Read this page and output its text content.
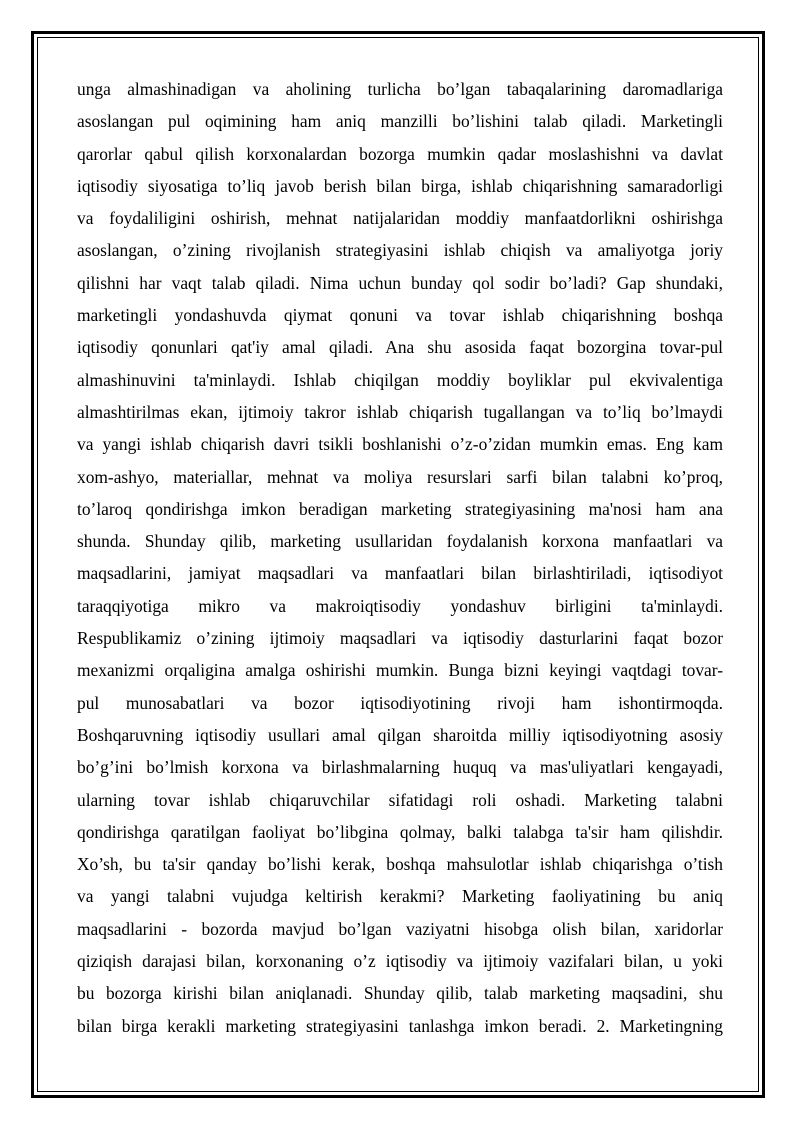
unga almashinadigan va aholining turlicha bo’lgan tabaqalarining daromadlariga
asoslangan pul oqimining ham aniq manzilli bo’lishini talab qiladi. Marketingli
qarorlar qabul qilish korxonalardan bozorga mumkin qadar moslashishni va davlat
iqtisodiy siyosatiga to’liq javob berish bilan birga, ishlab chiqarishning samaradorligi
va foydaliligini oshirish, mehnat natijalaridan moddiy manfaatdorlikni oshirishga
asoslangan, o’zining rivojlanish strategiyasini ishlab chiqish va amaliyotga joriy
qilishni har vaqt talab qiladi. Nima uchun bunday qol sodir bo’ladi? Gap shundaki,
marketingli yondashuvda qiymat qonuni va tovar ishlab chiqarishning boshqa
iqtisodiy qonunlari qat'iy amal qiladi. Ana shu asosida faqat bozorgina tovar-pul
almashinuvini ta'minlaydi. Ishlab chiqilgan moddiy boyliklar pul ekvivalentiga
almashtirilmas ekan, ijtimoiy takror ishlab chiqarish tugallangan va to’liq bo’lmaydi
va yangi ishlab chiqarish davri tsikli boshlanishi o’z-o’zidan mumkin emas. Eng kam
xom-ashyo, materiallar, mehnat va moliya resurslari sarfi bilan talabni ko’proq,
to’laroq qondirishga imkon beradigan marketing strategiyasining ma'nosi ham ana
shunda. Shunday qilib, marketing usullaridan foydalanish korxona manfaatlari va
maqsadlarini, jamiyat maqsadlari va manfaatlari bilan birlashtiriladi, iqtisodiyot
taraqqiyotiga mikro va makroiqtisodiy yondashuv birligini ta'minlaydi.
Respublikamiz o’zining ijtimoiy maqsadlari va iqtisodiy dasturlarini faqat bozor
mexanizmi orqaligina amalga oshirishi mumkin. Bunga bizni keyingi vaqtdagi tovar-
pul munosabatlari va bozor iqtisodiyotining rivoji ham ishontirmoqda.
Boshqaruvning iqtisodiy usullari amal qilgan sharoitda milliy iqtisodiyotning asosiy
bo’g’ini bo’lmish korxona va birlashmalarning huquq va mas'uliyatlari kengayadi,
ularning tovar ishlab chiqaruvchilar sifatidagi roli oshadi. Marketing talabni
qondirishga qaratilgan faoliyat bo’libgina qolmay, balki talabga ta'sir ham qilishdir.
Xo’sh, bu ta'sir qanday bo’lishi kerak, boshqa mahsulotlar ishlab chiqarishga o’tish
va yangi talabni vujudga keltirish kerakmi? Marketing faoliyatining bu aniq
maqsadlarini - bozorda mavjud bo’lgan vaziyatni hisobga olish bilan, xaridorlar
qiziqish darajasi bilan, korxonaning o’z iqtisodiy va ijtimoiy vazifalari bilan, u yoki
bu bozorga kirishi bilan aniqlanadi. Shunday qilib, talab marketing maqsadini, shu
bilan birga kerakli marketing strategiyasini tanlashga imkon beradi. 2. Marketingning
